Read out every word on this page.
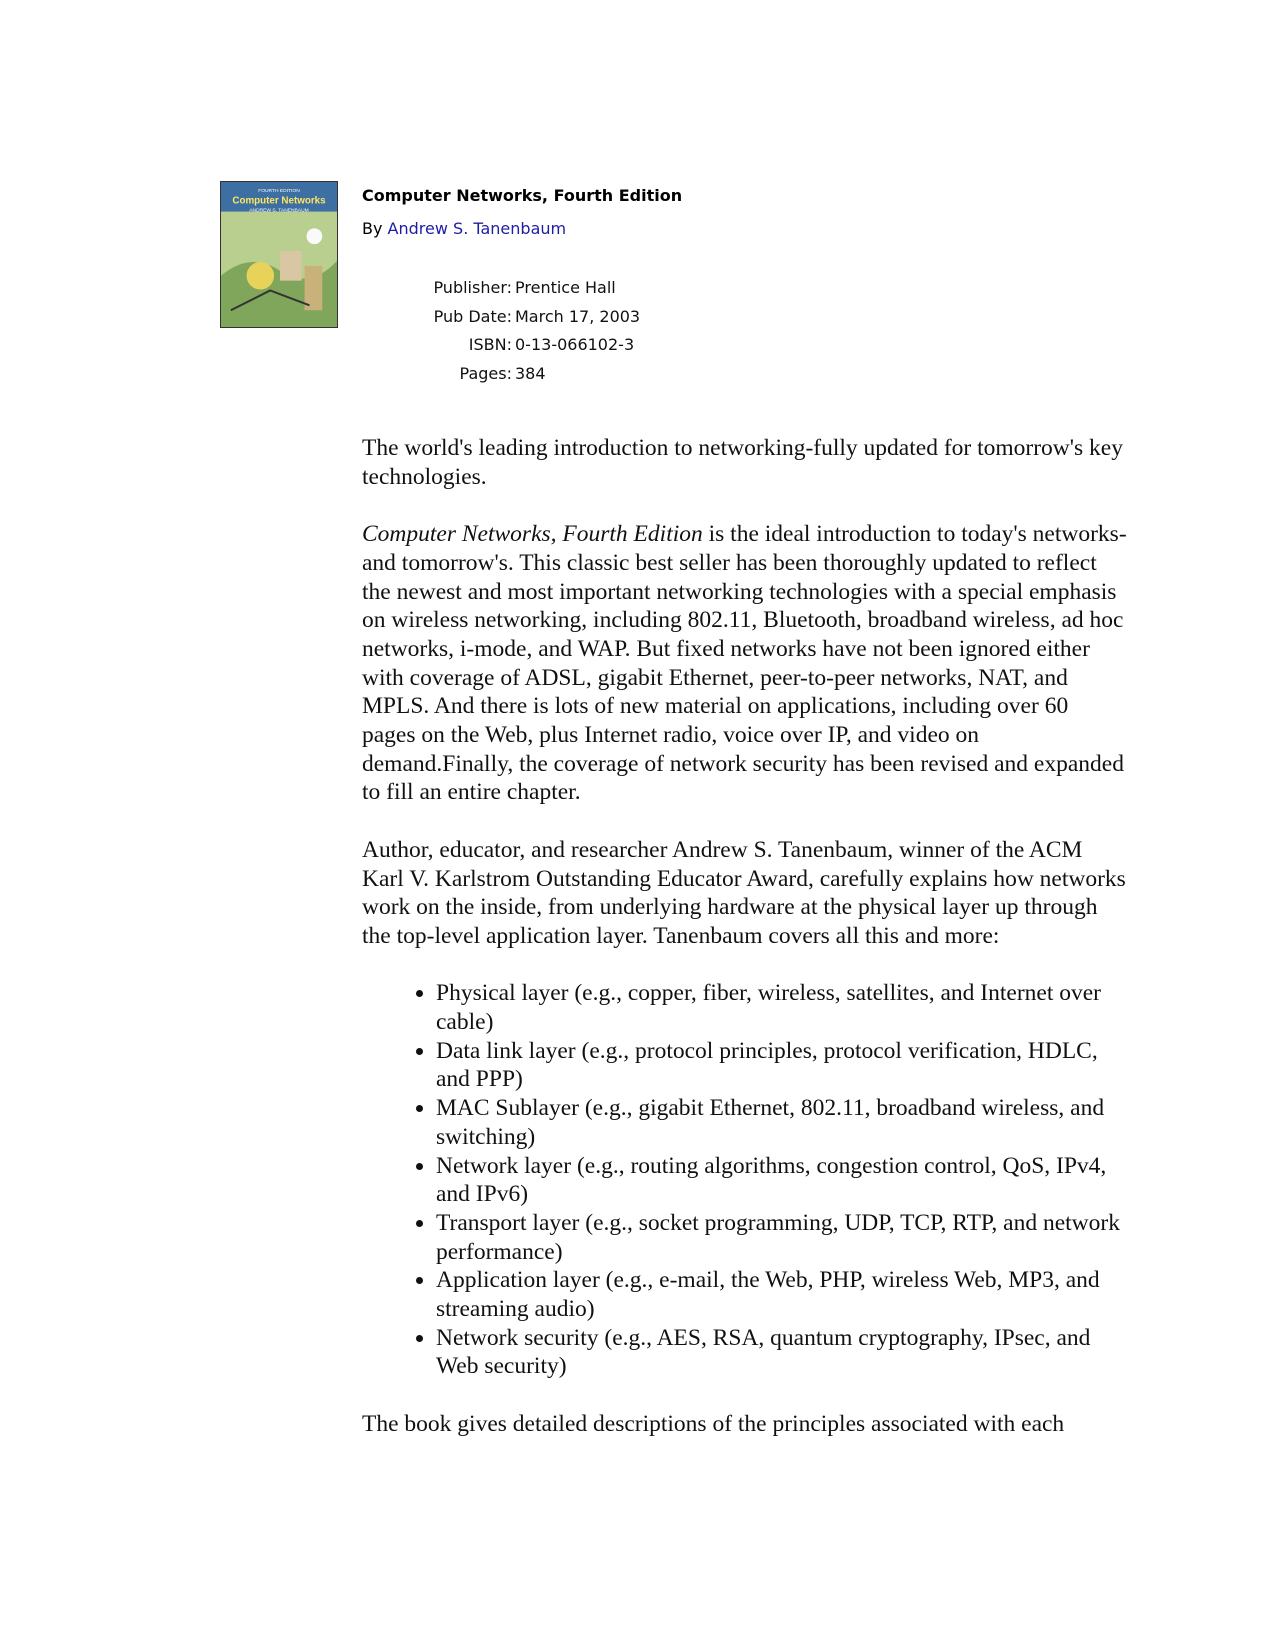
FOURTH EDITION
Computer Networks
ANDREW S. TANENBAUM
Computer Networks, Fourth Edition
By Andrew S. Tanenbaum
Publisher: Prentice Hall
Pub Date: March 17, 2003
ISBN: 0-13-066102-3
Pages: 384

The world's leading introduction to networking-fully updated for tomorrow's key technologies.

Computer Networks, Fourth Edition is the ideal introduction to today's networks-and tomorrow's. This classic best seller has been thoroughly updated to reflect the newest and most important networking technologies with a special emphasis on wireless networking, including 802.11, Bluetooth, broadband wireless, ad hoc networks, i-mode, and WAP. But fixed networks have not been ignored either with coverage of ADSL, gigabit Ethernet, peer-to-peer networks, NAT, and MPLS. And there is lots of new material on applications, including over 60 pages on the Web, plus Internet radio, voice over IP, and video on demand.Finally, the coverage of network security has been revised and expanded to fill an entire chapter.

Author, educator, and researcher Andrew S. Tanenbaum, winner of the ACM Karl V. Karlstrom Outstanding Educator Award, carefully explains how networks work on the inside, from underlying hardware at the physical layer up through the top-level application layer. Tanenbaum covers all this and more:

• Physical layer (e.g., copper, fiber, wireless, satellites, and Internet over cable)
• Data link layer (e.g., protocol principles, protocol verification, HDLC, and PPP)
• MAC Sublayer (e.g., gigabit Ethernet, 802.11, broadband wireless, and switching)
• Network layer (e.g., routing algorithms, congestion control, QoS, IPv4, and IPv6)
• Transport layer (e.g., socket programming, UDP, TCP, RTP, and network performance)
• Application layer (e.g., e-mail, the Web, PHP, wireless Web, MP3, and streaming audio)
• Network security (e.g., AES, RSA, quantum cryptography, IPsec, and Web security)

The book gives detailed descriptions of the principles associated with each
